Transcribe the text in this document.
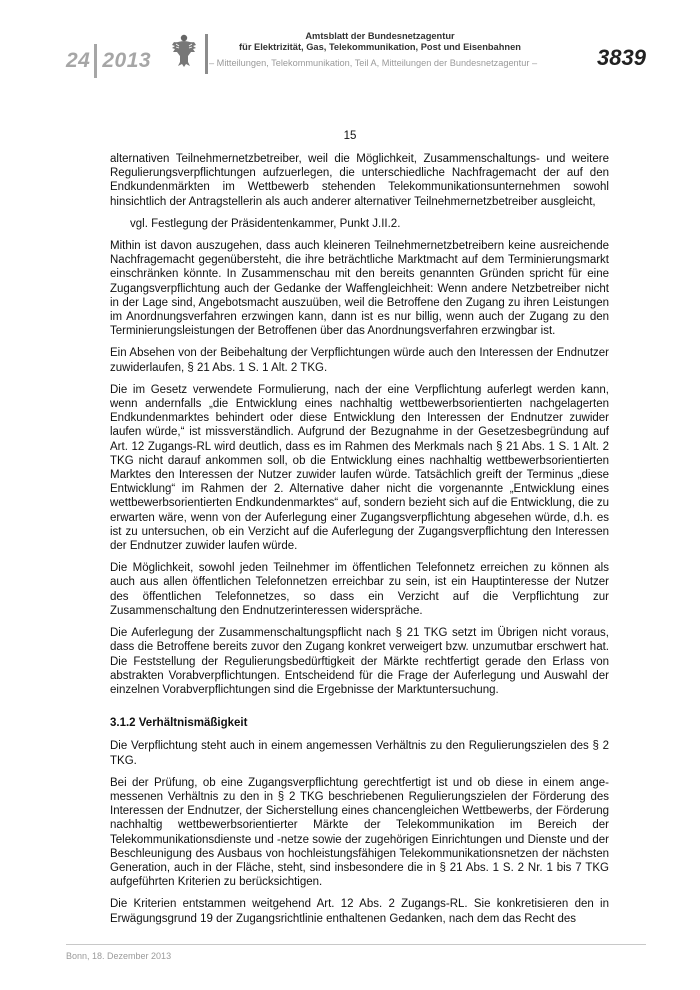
24 2013
Amtsblatt der Bundesnetzagentur
für Elektrizität, Gas, Telekommunikation, Post und Eisenbahnen
– Mitteilungen, Telekommunikation, Teil A, Mitteilungen der Bundesnetzagentur –	3839
15

alternativen Teilnehmernetzbetreiber, weil die Möglichkeit, Zusammenschaltungs- und weitere Regulierungsverpflichtungen aufzuerlegen, die unterschiedliche Nachfragemacht der auf den Endkundenmärkten im Wettbewerb stehenden Telekommunikationsunternehmen sowohl hinsichtlich der Antragstellerin als auch anderer alternativer Teilnehmernetzbetreiber ausgleicht,

vgl. Festlegung der Präsidentenkammer, Punkt J.II.2.

Mithin ist davon auszugehen, dass auch kleineren Teilnehmernetzbetreibern keine ausreichende Nachfragemacht gegenübersteht, die ihre beträchtliche Marktmacht auf dem Terminierungsmarkt einschränken könnte. In Zusammenschau mit den bereits genannten Gründen spricht für eine Zugangsverpflichtung auch der Gedanke der Waffengleichheit: Wenn andere Netzbetreiber nicht in der Lage sind, Angebotsmacht auszuüben, weil die Betroffene den Zugang zu ihren Leistungen im Anordnungsverfahren erzwingen kann, dann ist es nur billig, wenn auch der Zugang zu den Terminierungsleistungen der Betroffenen über das Anordnungsverfahren erzwingbar ist.

Ein Absehen von der Beibehaltung der Verpflichtungen würde auch den Interessen der Endnutzer zuwiderlaufen, § 21 Abs. 1 S. 1 Alt. 2 TKG.

Die im Gesetz verwendete Formulierung, nach der eine Verpflichtung auferlegt werden kann, wenn andernfalls „die Entwicklung eines nachhaltig wettbewerbsorientierten nachgelagerten Endkundenmarktes behindert oder diese Entwicklung den Interessen der Endnutzer zuwider laufen würde,“ ist missverständlich. Aufgrund der Bezugnahme in der Gesetzesbegründung auf Art. 12 Zugangs-RL wird deutlich, dass es im Rahmen des Merkmals nach § 21 Abs. 1 S. 1 Alt. 2 TKG nicht darauf ankommen soll, ob die Entwicklung eines nachhaltig wettbewerbsorientierten Marktes den Interessen der Nutzer zuwider laufen würde. Tatsächlich greift der Terminus „diese Entwicklung“ im Rahmen der 2. Alternative daher nicht die vorgenannte „Entwicklung eines wettbewerbsorientierten Endkundenmarktes“ auf, sondern bezieht sich auf die Entwicklung, die zu erwarten wäre, wenn von der Auferlegung einer Zugangsverpflichtung abgesehen würde, d.h. es ist zu untersuchen, ob ein Verzicht auf die Auferlegung der Zugangsverpflichtung den Interessen der Endnutzer zuwider laufen würde.

Die Möglichkeit, sowohl jeden Teilnehmer im öffentlichen Telefonnetz erreichen zu können als auch aus allen öffentlichen Telefonnetzen erreichbar zu sein, ist ein Hauptinteresse der Nutzer des öffentlichen Telefonnetzes, so dass ein Verzicht auf die Verpflichtung zur Zusammenschaltung den Endnutzerinteressen widerspräche.

Die Auferlegung der Zusammenschaltungspflicht nach § 21 TKG setzt im Übrigen nicht voraus, dass die Betroffene bereits zuvor den Zugang konkret verweigert bzw. unzumutbar erschwert hat. Die Feststellung der Regulierungsbedürftigkeit der Märkte rechtfertigt gerade den Erlass von abstrakten Vorabverpflichtungen. Entscheidend für die Frage der Auferlegung und Auswahl der einzelnen Vorabverpflichtungen sind die Ergebnisse der Marktuntersuchung.

3.1.2 Verhältnismäßigkeit

Die Verpflichtung steht auch in einem angemessen Verhältnis zu den Regulierungszielen des § 2 TKG.

Bei der Prüfung, ob eine Zugangsverpflichtung gerechtfertigt ist und ob diese in einem ange-messenen Verhältnis zu den in § 2 TKG beschriebenen Regulierungszielen der Förderung des Interessen der Endnutzer, der Sicherstellung eines chancengleichen Wettbewerbs, der Förderung nachhaltig wettbewerbsorientierter Märkte der Telekommunikation im Bereich der Telekommunikationsdienste und -netze sowie der zugehörigen Einrichtungen und Dienste und der Beschleunigung des Ausbaus von hochleistungsfähigen Telekommunikationsnetzen der nächsten Generation, auch in der Fläche, steht, sind insbesondere die in § 21 Abs. 1 S. 2 Nr. 1 bis 7 TKG aufgeführten Kriterien zu berücksichtigen.

Die Kriterien entstammen weitgehend Art. 12 Abs. 2 Zugangs-RL. Sie konkretisieren den in Erwägungsgrund 19 der Zugangsrichtlinie enthaltenen Gedanken, nach dem das Recht des

Bonn, 18. Dezember 2013
